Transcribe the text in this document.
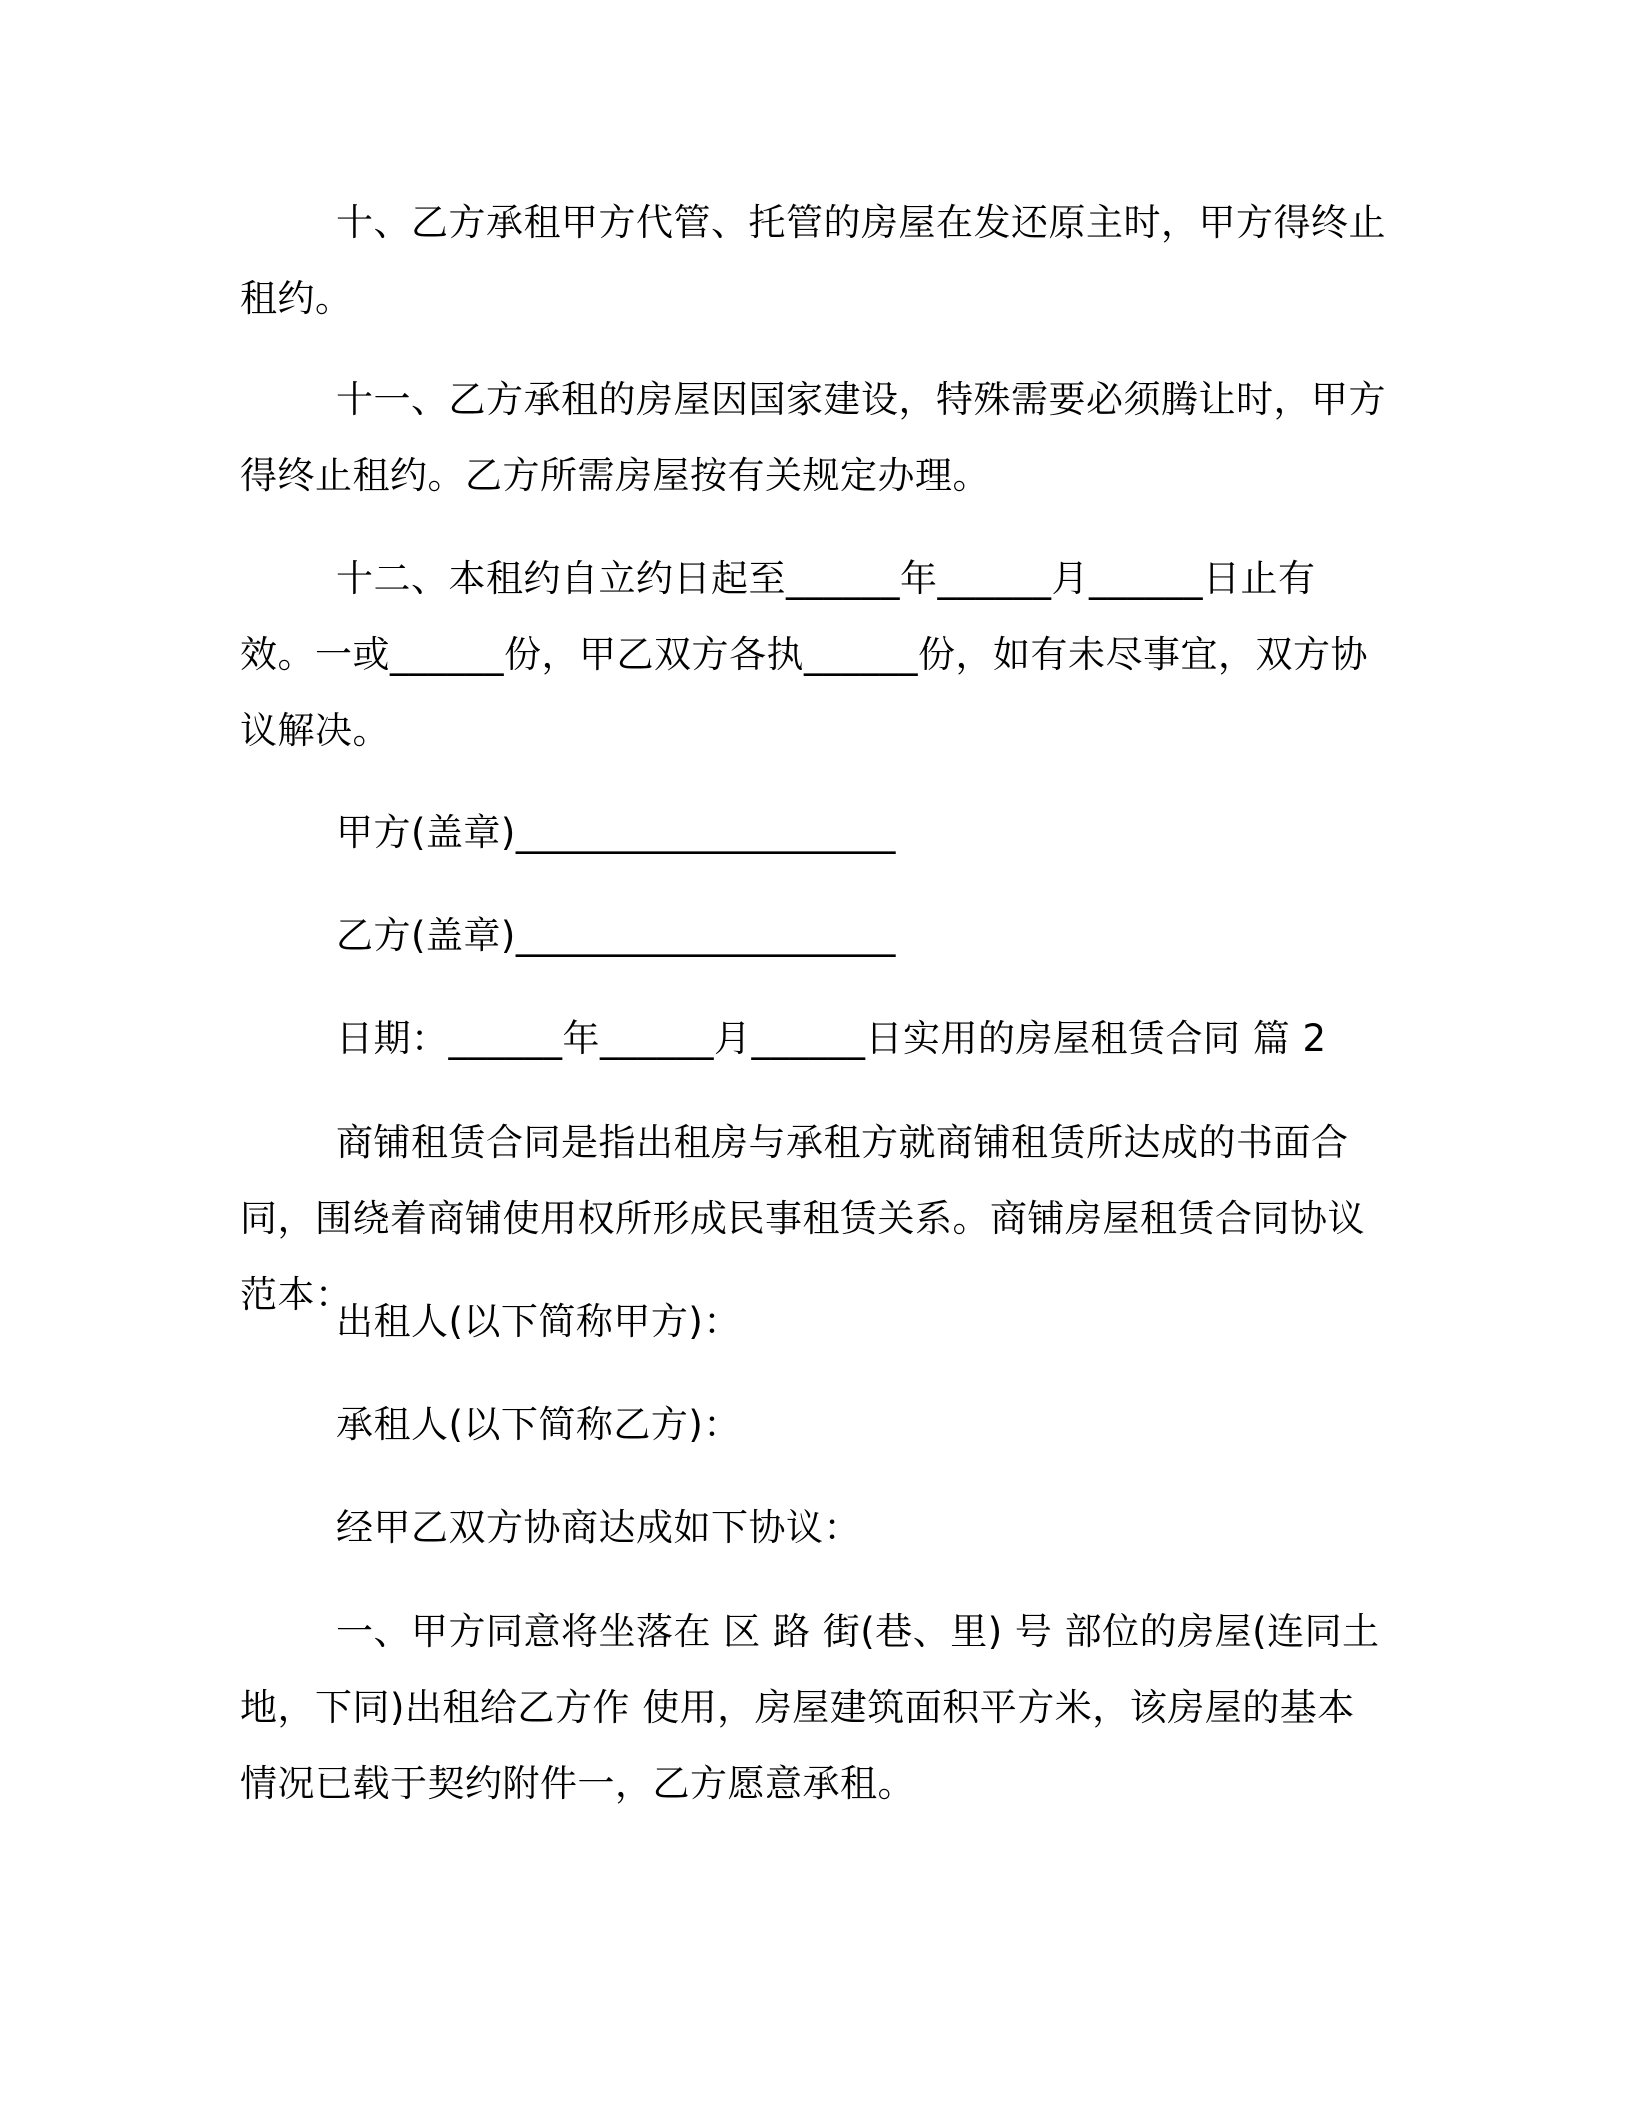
十、乙方承租甲方代管、托管的房屋在发还原主时，甲方得终止租约。

十一、乙方承租的房屋因国家建设，特殊需要必须腾让时，甲方得终止租约。乙方所需房屋按有关规定办理。

十二、本租约自立约日起至______年______月______日止有效。一或______份，甲乙双方各执______份，如有未尽事宜，双方协议解决。

甲方(盖章)____________________

乙方(盖章)____________________

日期：______年______月______日实用的房屋租赁合同 篇 2

商铺租赁合同是指出租房与承租方就商铺租赁所达成的书面合同，围绕着商铺使用权所形成民事租赁关系。商铺房屋租赁合同协议范本：

出租人(以下简称甲方)：

承租人(以下简称乙方)：

经甲乙双方协商达成如下协议：

一、甲方同意将坐落在 区 路 街(巷、里) 号 部位的房屋(连同土地，下同)出租给乙方作 使用，房屋建筑面积平方米，该房屋的基本情况已载于契约附件一，乙方愿意承租。
